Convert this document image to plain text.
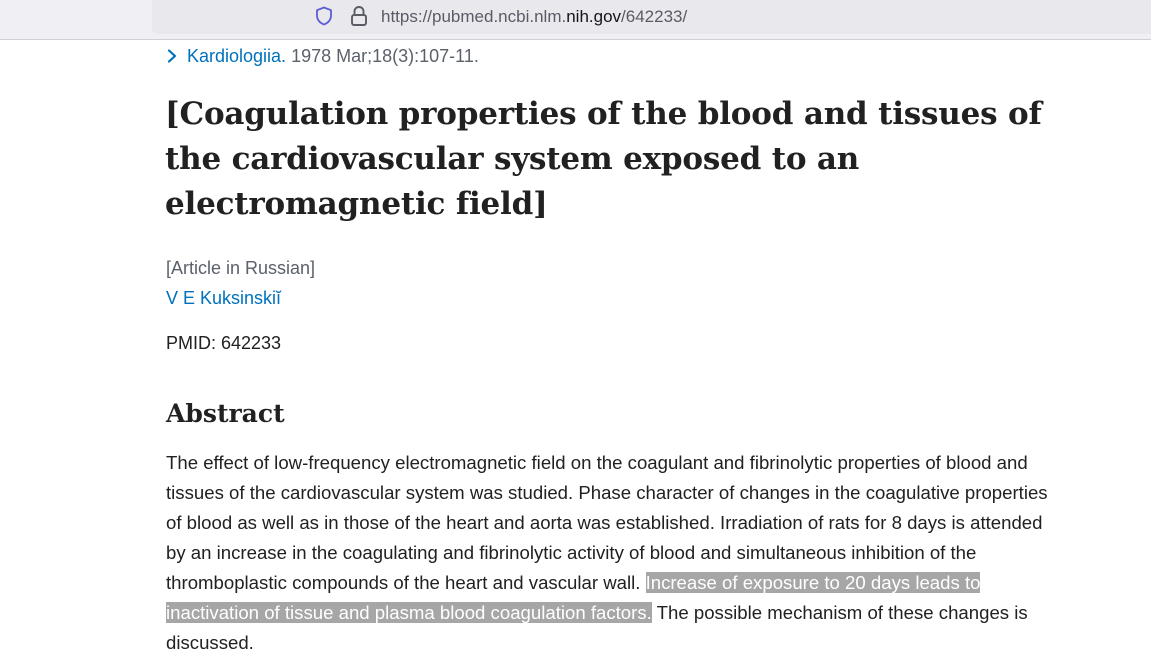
https://pubmed.ncbi.nlm.nih.gov/642233/
Kardiologiia. 1978 Mar;18(3):107-11.
[Coagulation properties of the blood and tissues of the cardiovascular system exposed to an electromagnetic field]
[Article in Russian]
V E Kuksinskiĭ
PMID: 642233
Abstract

The effect of low-frequency electromagnetic field on the coagulant and fibrinolytic properties of blood and tissues of the cardiovascular system was studied. Phase character of changes in the coagulative properties of blood as well as in those of the heart and aorta was established. Irradiation of rats for 8 days is attended by an increase in the coagulating and fibrinolytic activity of blood and simultaneous inhibition of the thromboplastic compounds of the heart and vascular wall. Increase of exposure to 20 days leads to inactivation of tissue and plasma blood coagulation factors. The possible mechanism of these changes is discussed.
